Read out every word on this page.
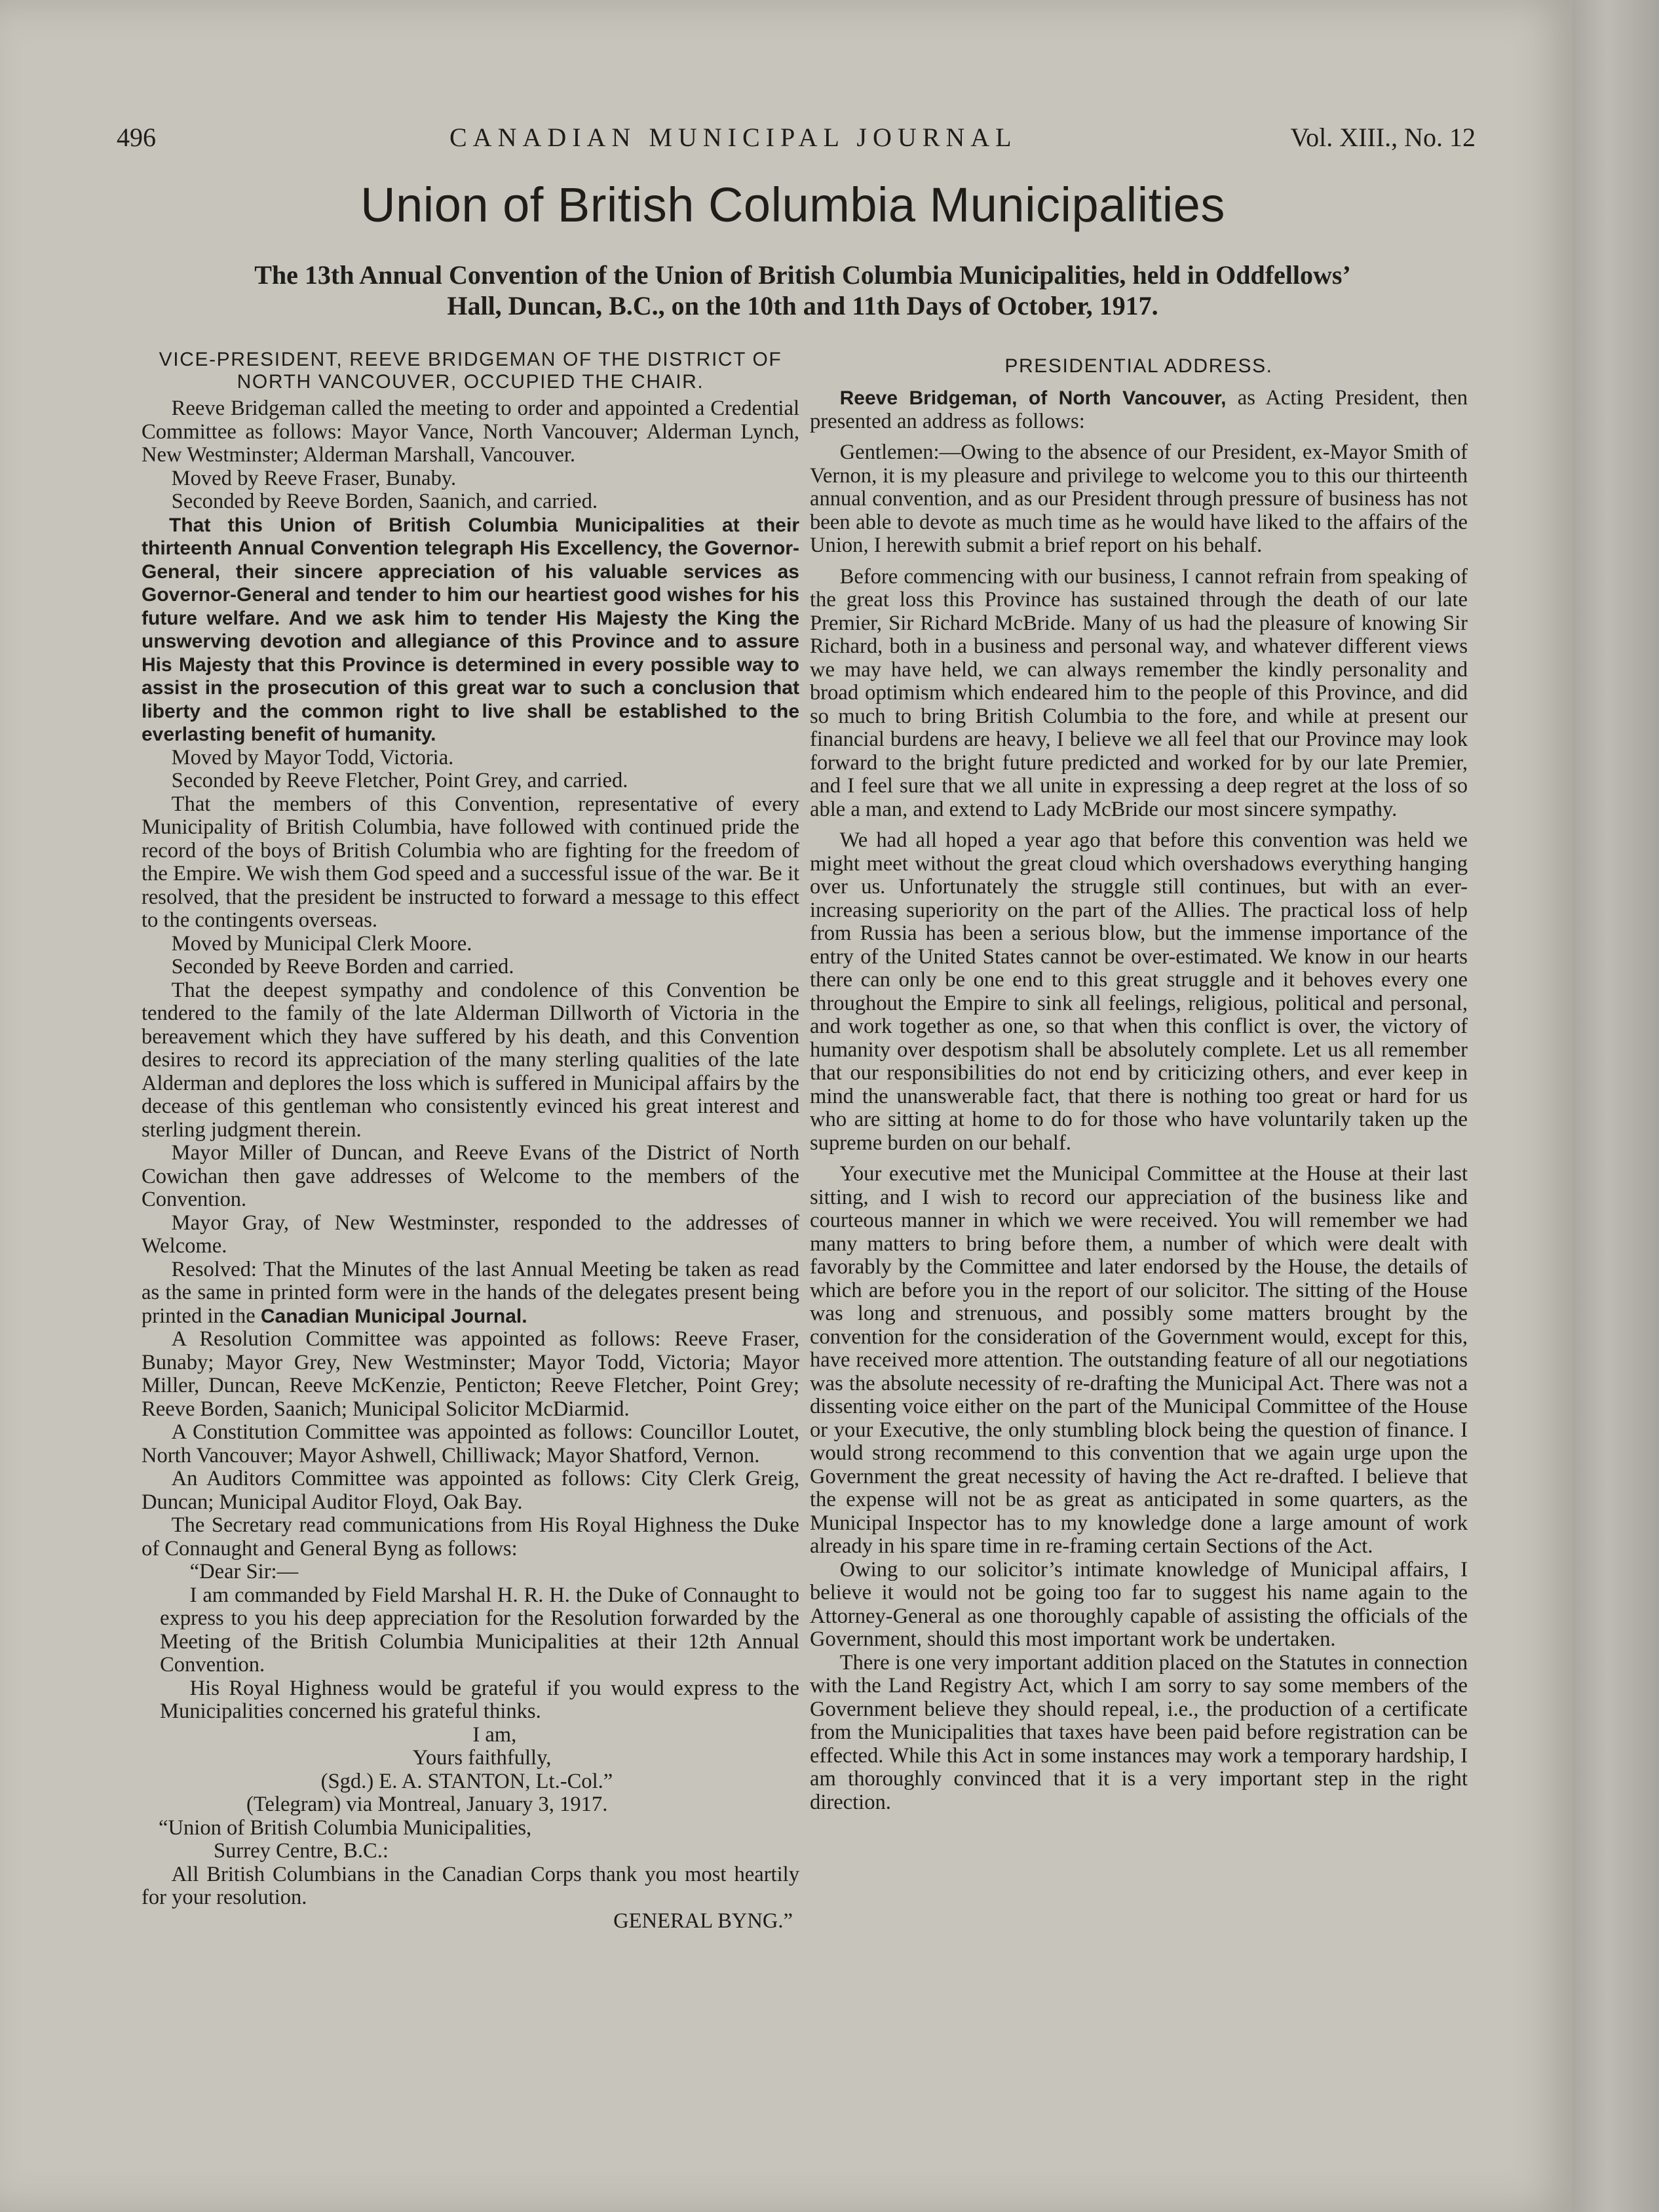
496	CANADIAN MUNICIPAL JOURNAL	Vol. XIII., No. 12
Union of British Columbia Municipalities
The 13th Annual Convention of the Union of British Columbia Municipalities, held in Oddfellows’
Hall, Duncan, B.C., on the 10th and 11th Days of October, 1917.

VICE-PRESIDENT, REEVE BRIDGEMAN OF THE DISTRICT OF NORTH VANCOUVER, OCCUPIED THE CHAIR.

Reeve Bridgeman called the meeting to order and appointed a Credential Committee as follows: Mayor Vance, North Vancouver; Alderman Lynch, New Westminster; Alderman Marshall, Vancouver.

Moved by Reeve Fraser, Bunaby.

Seconded by Reeve Borden, Saanich, and carried.

That this Union of British Columbia Municipalities at their thirteenth Annual Convention telegraph His Excellency, the Governor-General, their sincere appreciation of his valuable services as Governor-General and tender to him our heartiest good wishes for his future welfare. And we ask him to tender His Majesty the King the unswerving devotion and allegiance of this Province and to assure His Majesty that this Province is determined in every possible way to assist in the prosecution of this great war to such a conclusion that liberty and the common right to live shall be established to the everlasting benefit of humanity.

Moved by Mayor Todd, Victoria.

Seconded by Reeve Fletcher, Point Grey, and carried.

That the members of this Convention, representative of every Municipality of British Columbia, have followed with continued pride the record of the boys of British Columbia who are fighting for the freedom of the Empire. We wish them God speed and a successful issue of the war. Be it resolved, that the president be instructed to forward a message to this effect to the contingents overseas.

Moved by Municipal Clerk Moore.

Seconded by Reeve Borden and carried.

That the deepest sympathy and condolence of this Convention be tendered to the family of the late Alderman Dillworth of Victoria in the bereavement which they have suffered by his death, and this Convention desires to record its appreciation of the many sterling qualities of the late Alderman and deplores the loss which is suffered in Municipal affairs by the decease of this gentleman who consistently evinced his great interest and sterling judgment therein.

Mayor Miller of Duncan, and Reeve Evans of the District of North Cowichan then gave addresses of Welcome to the members of the Convention.

Mayor Gray, of New Westminster, responded to the addresses of Welcome.

Resolved: That the Minutes of the last Annual Meeting be taken as read as the same in printed form were in the hands of the delegates present being printed in the Canadian Municipal Journal.

A Resolution Committee was appointed as follows: Reeve Fraser, Bunaby; Mayor Grey, New Westminster; Mayor Todd, Victoria; Mayor Miller, Duncan, Reeve McKenzie, Penticton; Reeve Fletcher, Point Grey; Reeve Borden, Saanich; Municipal Solicitor McDiarmid.

A Constitution Committee was appointed as follows: Councillor Loutet, North Vancouver; Mayor Ashwell, Chilliwack; Mayor Shatford, Vernon.

An Auditors Committee was appointed as follows: City Clerk Greig, Duncan; Municipal Auditor Floyd, Oak Bay.

The Secretary read communications from His Royal Highness the Duke of Connaught and General Byng as follows:

“Dear Sir:—

I am commanded by Field Marshal H. R. H. the Duke of Connaught to express to you his deep appreciation for the Resolution forwarded by the Meeting of the British Columbia Municipalities at their 12th Annual Convention.

His Royal Highness would be grateful if you would express to the Municipalities concerned his grateful thinks.

I am,

Yours faithfully,

(Sgd.) E. A. STANTON, Lt.-Col.”

(Telegram) via Montreal, January 3, 1917.

“Union of British Columbia Municipalities,

Surrey Centre, B.C.:

All British Columbians in the Canadian Corps thank you most heartily for your resolution.

GENERAL BYNG.”

PRESIDENTIAL ADDRESS.

Reeve Bridgeman, of North Vancouver, as Acting President, then presented an address as follows:

Gentlemen:—Owing to the absence of our President, ex-Mayor Smith of Vernon, it is my pleasure and privilege to welcome you to this our thirteenth annual convention, and as our President through pressure of business has not been able to devote as much time as he would have liked to the affairs of the Union, I herewith submit a brief report on his behalf.

Before commencing with our business, I cannot refrain from speaking of the great loss this Province has sustained through the death of our late Premier, Sir Richard McBride. Many of us had the pleasure of knowing Sir Richard, both in a business and personal way, and whatever different views we may have held, we can always remember the kindly personality and broad optimism which endeared him to the people of this Province, and did so much to bring British Columbia to the fore, and while at present our financial burdens are heavy, I believe we all feel that our Province may look forward to the bright future predicted and worked for by our late Premier, and I feel sure that we all unite in expressing a deep regret at the loss of so able a man, and extend to Lady McBride our most sincere sympathy.

We had all hoped a year ago that before this convention was held we might meet without the great cloud which overshadows everything hanging over us. Unfortunately the struggle still continues, but with an ever-increasing superiority on the part of the Allies. The practical loss of help from Russia has been a serious blow, but the immense importance of the entry of the United States cannot be over-estimated. We know in our hearts there can only be one end to this great struggle and it behoves every one throughout the Empire to sink all feelings, religious, political and personal, and work together as one, so that when this conflict is over, the victory of humanity over despotism shall be absolutely complete. Let us all remember that our responsibilities do not end by criticizing others, and ever keep in mind the unanswerable fact, that there is nothing too great or hard for us who are sitting at home to do for those who have voluntarily taken up the supreme burden on our behalf.

Your executive met the Municipal Committee at the House at their last sitting, and I wish to record our appreciation of the business like and courteous manner in which we were received. You will remember we had many matters to bring before them, a number of which were dealt with favorably by the Committee and later endorsed by the House, the details of which are before you in the report of our solicitor. The sitting of the House was long and strenuous, and possibly some matters brought by the convention for the consideration of the Government would, except for this, have received more attention. The outstanding feature of all our negotiations was the absolute necessity of re-drafting the Municipal Act. There was not a dissenting voice either on the part of the Municipal Committee of the House or your Executive, the only stumbling block being the question of finance. I would strong recommend to this convention that we again urge upon the Government the great necessity of having the Act re-drafted. I believe that the expense will not be as great as anticipated in some quarters, as the Municipal Inspector has to my knowledge done a large amount of work already in his spare time in re-framing certain Sections of the Act.

Owing to our solicitor’s intimate knowledge of Municipal affairs, I believe it would not be going too far to suggest his name again to the Attorney-General as one thoroughly capable of assisting the officials of the Government, should this most important work be undertaken.

There is one very important addition placed on the Statutes in connection with the Land Registry Act, which I am sorry to say some members of the Government believe they should repeal, i.e., the production of a certificate from the Municipalities that taxes have been paid before registration can be effected. While this Act in some instances may work a temporary hardship, I am thoroughly convinced that it is a very important step in the right direction.
